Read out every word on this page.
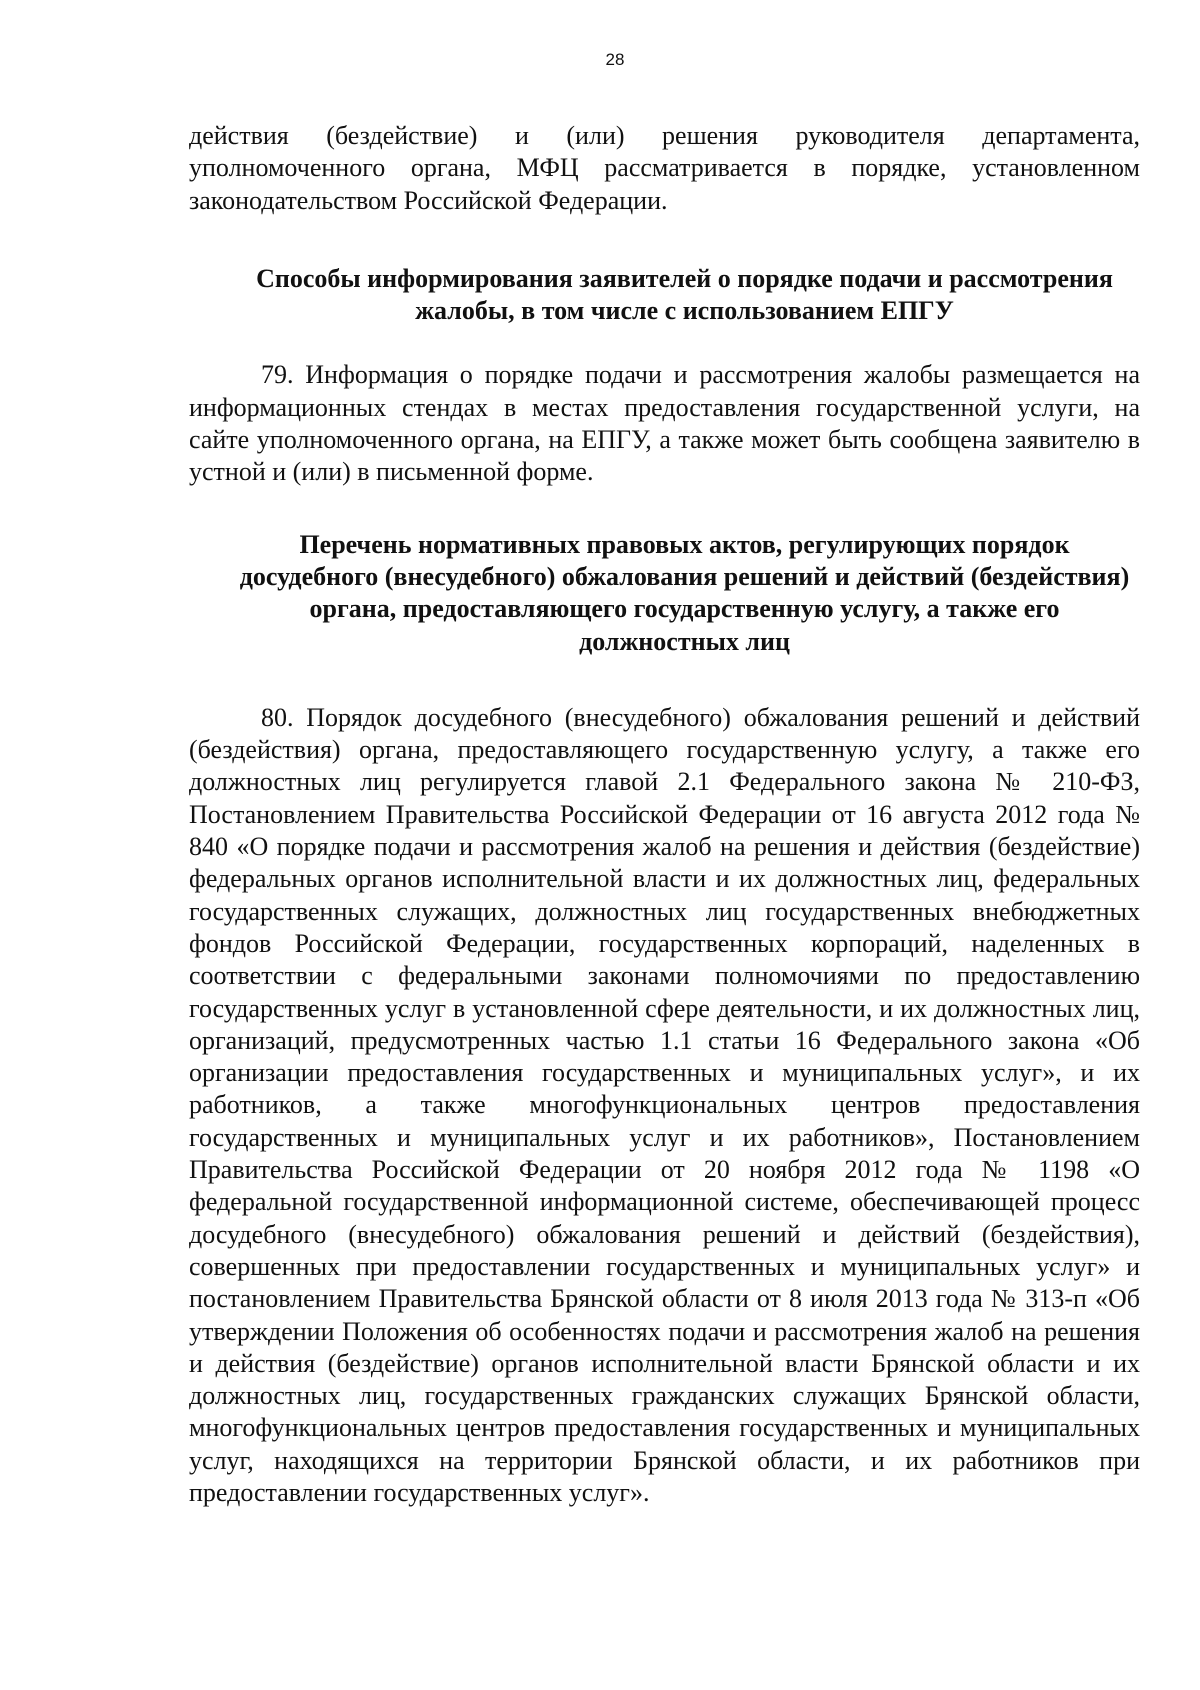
28

действия (бездействие) и (или) решения руководителя департамента, уполномоченного органа, МФЦ рассматривается в порядке, установленном законодательством Российской Федерации.

Способы информирования заявителей о порядке подачи и рассмотрения жалобы, в том числе с использованием ЕПГУ

79. Информация о порядке подачи и рассмотрения жалобы размещается на информационных стендах в местах предоставления государственной услуги, на сайте уполномоченного органа, на ЕПГУ, а также может быть сообщена заявителю в устной и (или) в письменной форме.

Перечень нормативных правовых актов, регулирующих порядок досудебного (внесудебного) обжалования решений и действий (бездействия) органа, предоставляющего государственную услугу, а также его должностных лиц

80. Порядок досудебного (внесудебного) обжалования решений и действий (бездействия) органа, предоставляющего государственную услугу, а также его должностных лиц регулируется главой 2.1 Федерального закона № 210-ФЗ, Постановлением Правительства Российской Федерации от 16 августа 2012 года № 840 «О порядке подачи и рассмотрения жалоб на решения и действия (бездействие) федеральных органов исполнительной власти и их должностных лиц, федеральных государственных служащих, должностных лиц государственных внебюджетных фондов Российской Федерации, государственных корпораций, наделенных в соответствии с федеральными законами полномочиями по предоставлению государственных услуг в установленной сфере деятельности, и их должностных лиц, организаций, предусмотренных частью 1.1 статьи 16 Федерального закона «Об организации предоставления государственных и муниципальных услуг», и их работников, а также многофункциональных центров предоставления государственных и муниципальных услуг и их работников», Постановлением Правительства Российской Федерации от 20 ноября 2012 года № 1198 «О федеральной государственной информационной системе, обеспечивающей процесс досудебного (внесудебного) обжалования решений и действий (бездействия), совершенных при предоставлении государственных и муниципальных услуг» и постановлением Правительства Брянской области от 8 июля 2013 года № 313-п «Об утверждении Положения об особенностях подачи и рассмотрения жалоб на решения и действия (бездействие) органов исполнительной власти Брянской области и их должностных лиц, государственных гражданских служащих Брянской области, многофункциональных центров предоставления государственных и муниципальных услуг, находящихся на территории Брянской области, и их работников при предоставлении государственных услуг».
